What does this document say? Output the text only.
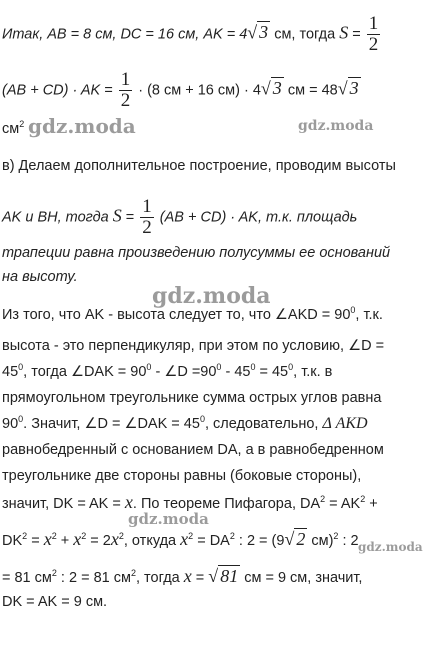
Итак, AB = 8 см, DC = 16 см, AK = 4√ 3 см, тогда $S = \frac{1}{2}$
(AB + CD) · AK = $\frac{1}{2} \cdot (8$ см + 16 см) · 4√ 3 см = 48√ 3
$см^2$
в) Делаем дополнительное построение, проводим высоты
AK и BH, тогда $S = \frac{1}{2} (AB + CD)$ · AK, т.к. площадь
трапеции равна произведению полусуммы ее оснований
на высоту.
Из того, что AK - высота следует то, что ∠AKD = $90^0$, т.к.
высота - это перпендикуляр, при этом по условию, ∠D =
$45^0$, тогда ∠DAK = $90^0$ - ∠D $=90^0 - 45^0 = 45^0$, т.к. в
прямоугольном треугольнике сумма острых углов равна
$90^0$. Значит, ∠D = ∠DAK = $45^0$, следовательно, Δ AKD
равнобедренный с основанием DA, а в равнобедренном
треугольнике две стороны равны (боковые стороны),
значит, DK = AK = x. По теореме Пифагора, $DA^2 = AK^2$ +
$DK^2 = x^2 + x^2 = 2x^2$, откуда $x^2 = DA^2$ : 2 = (9√ 2 см)$^2$ : 2
= 81 $см^2$ : 2 = 81 $см^2$, тогда x = √ 81 см = 9 см, значит,
DK = AK = 9 см.
gdz.moda	gdz.moda
gdz.moda
gdz.moda
gdz.moda
